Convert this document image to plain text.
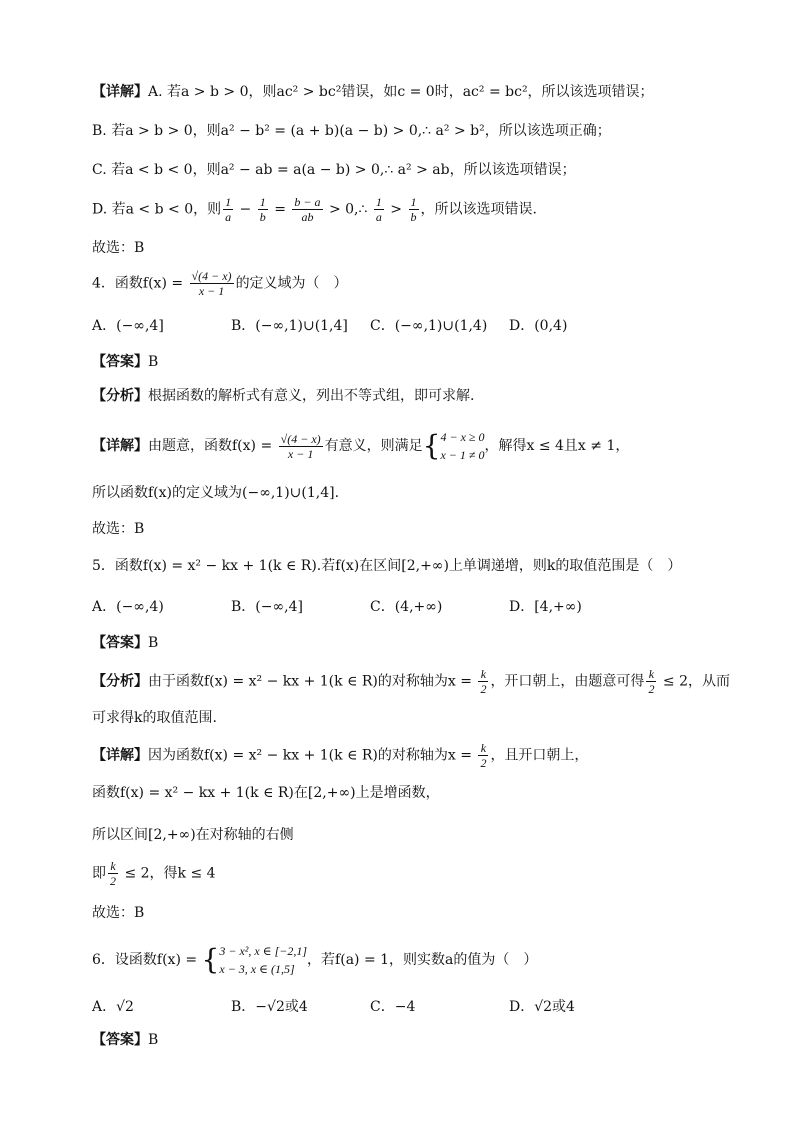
【详解】A. 若a > b > 0，则ac² > bc²错误，如c = 0时，ac² = bc²，所以该选项错误；
B. 若a > b > 0，则a² − b² = (a + b)(a − b) > 0,∴ a² > b²，所以该选项正确；
C. 若a < b < 0，则a² − ab = a(a − b) > 0,∴ a² > ab，所以该选项错误；
D. 若a < b < 0，则 $\frac{1}{a} - \frac{1}{b} = \frac{b - a}{ab}$ > 0,∴ $\frac{1}{a} > \frac{1}{b}$ ，所以该选项错误.
故选：B
4．函数$f(x) = \frac{√(4 - x)}{x - 1}$ 的定义域为（　）
A．(−∞,4]	B．(−∞,1)∪(1,4] C．(−∞,1)∪(1,4) D．(0,4)
【答案】B
【分析】根据函数的解析式有意义，列出不等式组，即可求解.
【详解】由题意，函数$f(x) = \frac{√(4 - x)}{x - 1}$ 有意义，则满足{ 4 − x ≥ 0
x − 1 ≠ 0
，解得x ≤ 4且x ≠ 1，
所以函数f(x)的定义域为(−∞,1)∪(1,4].
故选：B
5．函数f(x) = x² − kx + 1(k ∈ R).若f(x)在区间[2,+∞)上单调递增，则k的取值范围是（　）
A．(−∞,4)	B．(−∞,4]	C．(4,+∞)	D．[4,+∞)
【答案】B
【分析】由于函数f(x) = x² − kx + 1(k ∈ R)的对称轴为$x = \frac{k}{2}$ ，开口朝上，由题意可得 $\frac{k}{2} \le 2$，从而
可求得k的取值范围.
【详解】因为函数f(x) = x² − kx + 1(k ∈ R)的对称轴为$x = \frac{k}{2}$ ，且开口朝上，
函数f(x) = x² − kx + 1(k ∈ R)在[2,+∞)上是增函数，
所以区间[2,+∞)在对称轴的右侧
即 $\frac{k}{2} \le 2$，得k ≤ 4
故选：B
6．设函数f(x) = { 3 − x², x ∈ [−2,1]
x − 3, x ∈ (1,5]
，若f(a) = 1，则实数a的值为（　）
A．√2	B．−√2或4	C．−4	D．√2或4
【答案】B
